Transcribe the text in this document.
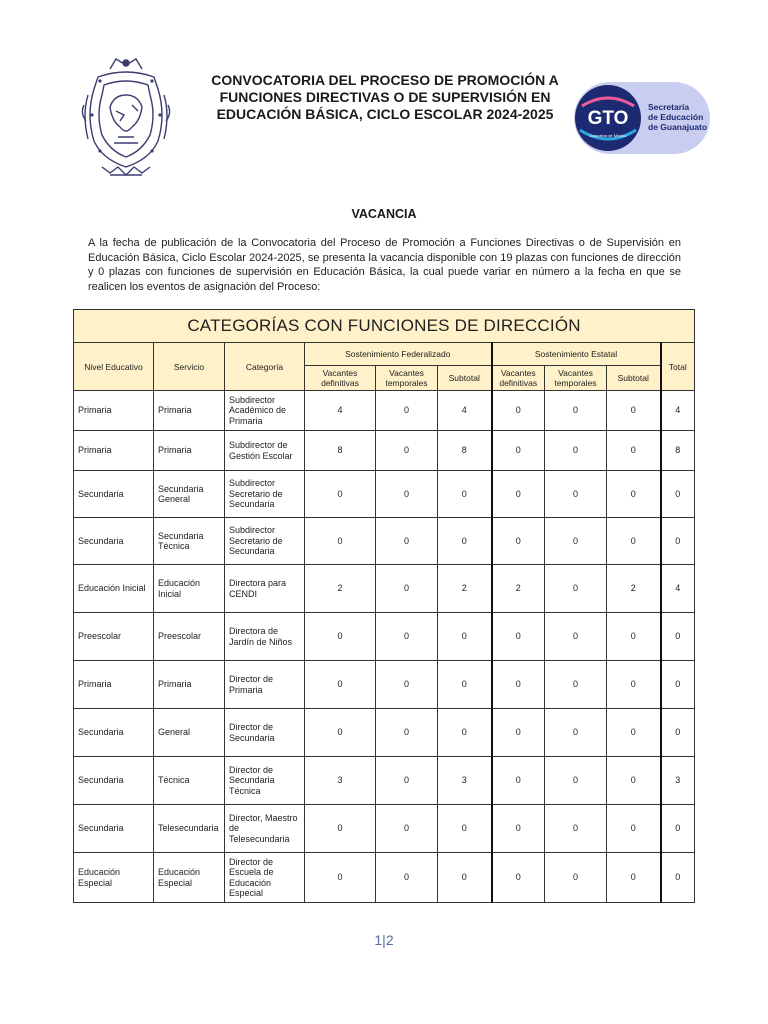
CONVOCATORIA DEL PROCESO DE PROMOCIÓN A FUNCIONES DIRECTIVAS O DE SUPERVISIÓN EN EDUCACIÓN BÁSICA, CICLO ESCOLAR 2024-2025	GTO
Grandeza de México
Secretaría
de Educación
de Guanajuato
VACANCIA

A la fecha de publicación de la Convocatoria del Proceso de Promoción a Funciones Directivas o de Supervisión en Educación Básica, Ciclo Escolar 2024-2025, se presenta la vacancia disponible con 19 plazas con funciones de dirección y 0 plazas con funciones de supervisión en Educación Básica, la cual puede variar en número a la fecha en que se realicen los eventos de asignación del Proceso:

CATEGORÍAS CON FUNCIONES DE DIRECCIÓN									
Nivel Educativo	Servicio	Categoría	Sostenimiento Federalizado			Sostenimiento Estatal			Total
			Vacantes definitivas	Vacantes temporales	Subtotal	Vacantes definitivas	Vacantes temporales	Subtotal	
Primaria	Primaria	Subdirector Académico de Primaria	4	0	4	0	0	0	4
Primaria	Primaria	Subdirector de Gestión Escolar	8	0	8	0	0	0	8
Secundaria	Secundaria General	Subdirector Secretario de Secundaria	0	0	0	0	0	0	0
Secundaria	Secundaria Técnica	Subdirector Secretario de Secundaria	0	0	0	0	0	0	0
Educación Inicial	Educación Inicial	Directora para CENDI	2	0	2	2	0	2	4
Preescolar	Preescolar	Directora de Jardín de Niños	0	0	0	0	0	0	0
Primaria	Primaria	Director de Primaria	0	0	0	0	0	0	0
Secundaria	General	Director de Secundaria	0	0	0	0	0	0	0
Secundaria	Técnica	Director de Secundaria Técnica	3	0	3	0	0	0	3
Secundaria	Telesecundaria	Director, Maestro de Telesecundaria	0	0	0	0	0	0	0
Educación Especial	Educación Especial	Director de Escuela de Educación Especial	0	0	0	0	0	0	0
1|2
